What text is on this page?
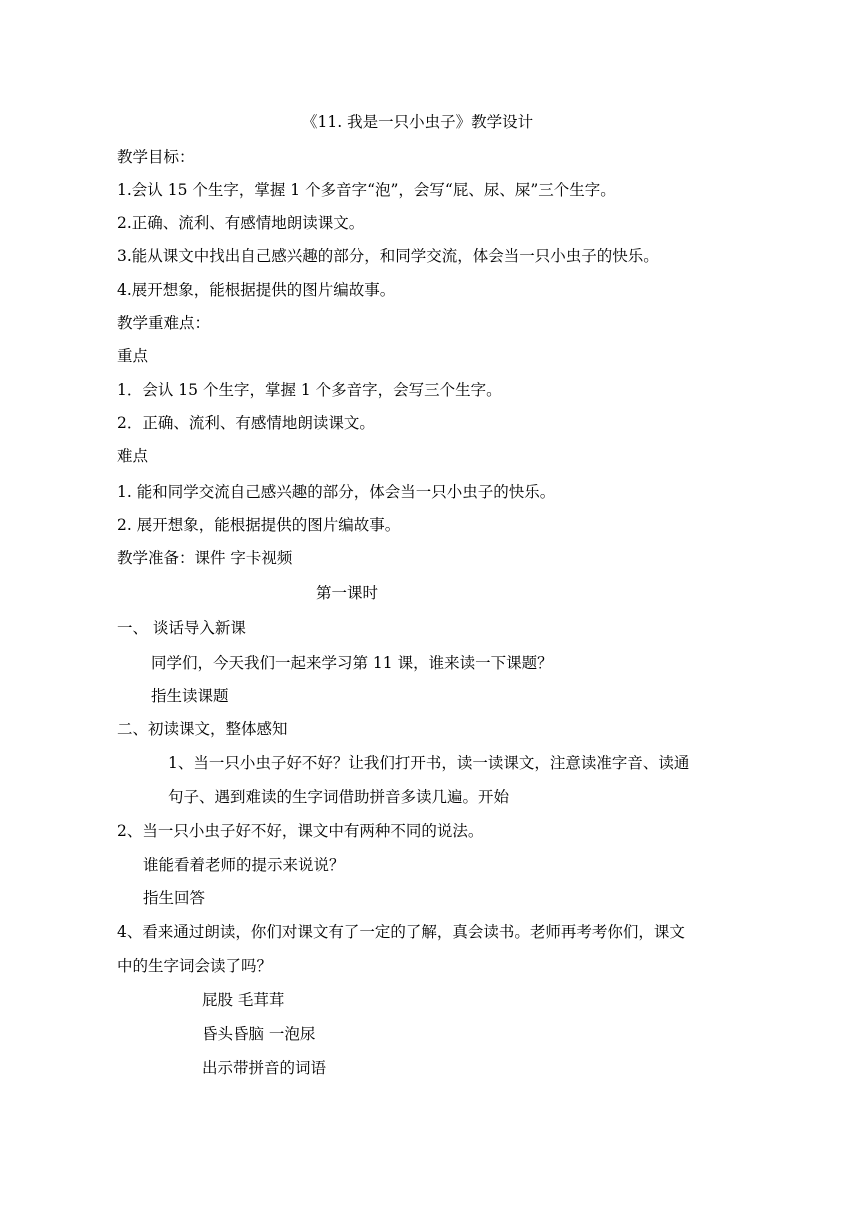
《11. 我是一只小虫子》教学设计
教学目标：
1.会认 15 个生字，掌握 1 个多音字“泡”，会写“屁、尿、屎”三个生字。
2.正确、流利、有感情地朗读课文。
3.能从课文中找出自己感兴趣的部分，和同学交流，体会当一只小虫子的快乐。
4.展开想象，能根据提供的图片编故事。
教学重难点：
重点
1．会认 15 个生字，掌握 1 个多音字，会写三个生字。
2．正确、流利、有感情地朗读课文。
难点
1. 能和同学交流自己感兴趣的部分，体会当一只小虫子的快乐。
2. 展开想象，能根据提供的图片编故事。
教学准备：课件 字卡视频
第一课时
一、 谈话导入新课
同学们，今天我们一起来学习第 11 课，谁来读一下课题？
指生读课题
二、初读课文，整体感知
1、当一只小虫子好不好？让我们打开书，读一读课文，注意读准字音、读通
句子、遇到难读的生字词借助拼音多读几遍。开始
2、当一只小虫子好不好，课文中有两种不同的说法。
谁能看着老师的提示来说说？
指生回答
4、看来通过朗读，你们对课文有了一定的了解，真会读书。老师再考考你们，课文
中的生字词会读了吗？
屁股 毛茸茸
昏头昏脑 一泡尿
出示带拼音的词语
